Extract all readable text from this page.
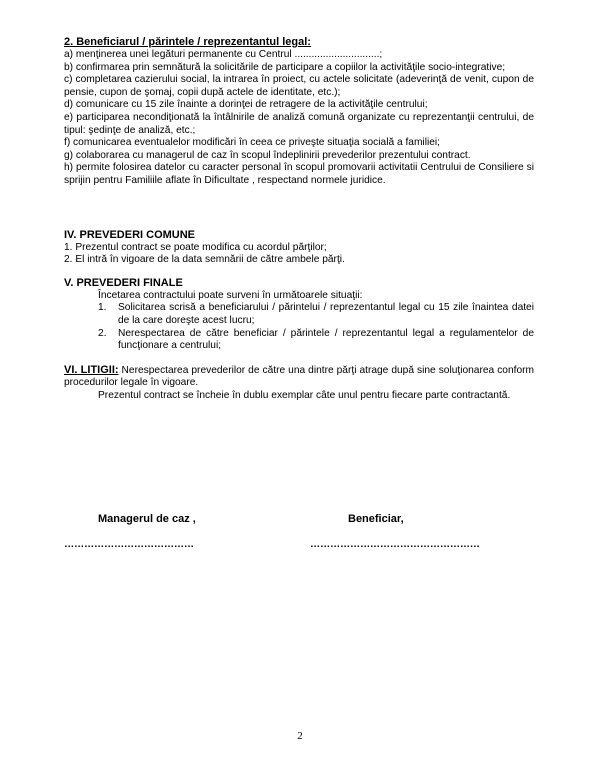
2. Beneficiarul / părintele / reprezentantul legal:

a) menţinerea unei legături permanente cu Centrul ..............................;

b) confirmarea prin semnătură la solicitările de participare a copiilor la activităţile socio-integrative;

c) completarea cazierului social, la intrarea în proiect, cu actele solicitate (adeverinţă de venit, cupon de pensie, cupon de şomaj, copii după actele de identitate, etc.);

d) comunicare cu 15 zile înainte a dorinţei de retragere de la activităţile centrului;

e) participarea necondiţionată la întâlnirile de analiză comună organizate cu reprezentanţii centrului, de tipul: şedinţe de analiză, etc.;

f) comunicarea eventualelor modificări în ceea ce priveşte situaţia socială a familiei;

g) colaborarea cu managerul de caz în scopul îndeplinirii prevederilor prezentului contract.

h) permite folosirea datelor cu caracter personal în scopul promovarii activitatii Centrului de Consiliere si sprijin pentru Familiile aflate în Dificultate , respectand normele juridice.

IV. PREVEDERI COMUNE

1. Prezentul contract se poate modifica cu acordul părţilor;

2. El intră în vigoare de la data semnării de către ambele părţi.

V. PREVEDERI FINALE

Încetarea contractului poate surveni în următoarele situaţii:

1. Solicitarea scrisă a beneficiarului / părintelui / reprezentantul legal cu 15 zile înaintea datei de la care doreşte acest lucru;
2. Nerespectarea de către beneficiar / părintele / reprezentantul legal a regulamentelor de funcţionare a centrului;

VI. LITIGII: Nerespectarea prevederilor de către una dintre părţi atrage după sine soluţionarea conform procedurilor legale în vigoare.

Prezentul contract se încheie în dublu exemplar câte unul pentru fiecare parte contractantă.

Managerul de caz ,	Beneficiar,
…………………………………	……………………………………………
2
